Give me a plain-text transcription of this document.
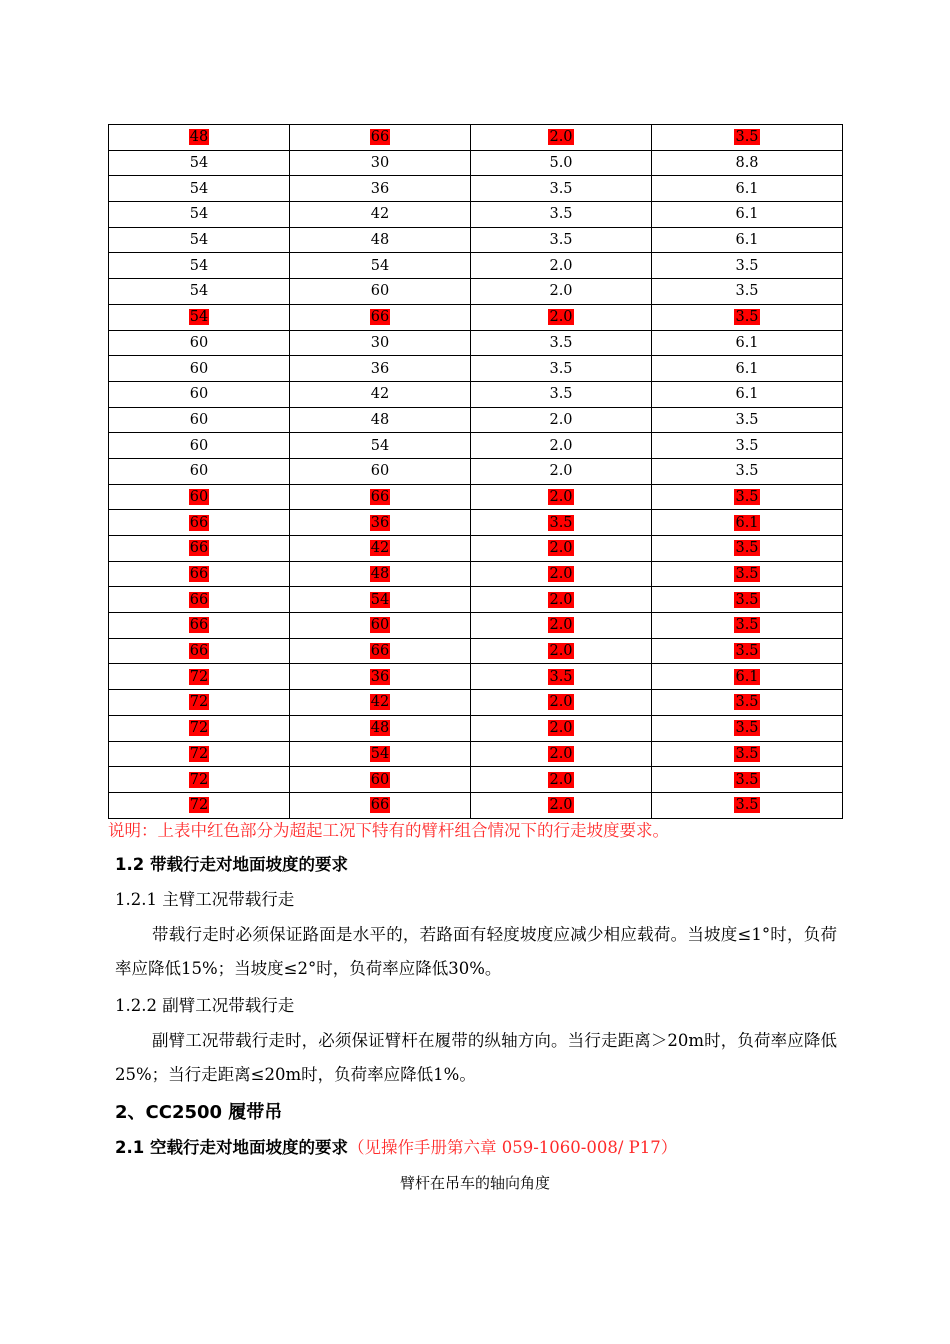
48	66	2.0	3.5
54	30	5.0	8.8
54	36	3.5	6.1
54	42	3.5	6.1
54	48	3.5	6.1
54	54	2.0	3.5
54	60	2.0	3.5
54	66	2.0	3.5
60	30	3.5	6.1
60	36	3.5	6.1
60	42	3.5	6.1
60	48	2.0	3.5
60	54	2.0	3.5
60	60	2.0	3.5
60	66	2.0	3.5
66	36	3.5	6.1
66	42	2.0	3.5
66	48	2.0	3.5
66	54	2.0	3.5
66	60	2.0	3.5
66	66	2.0	3.5
72	36	3.5	6.1
72	42	2.0	3.5
72	48	2.0	3.5
72	54	2.0	3.5
72	60	2.0	3.5
72	66	2.0	3.5
说明：上表中红色部分为超起工况下特有的臂杆组合情况下的行走坡度要求。
1.2 带载行走对地面坡度的要求
1.2.1 主臂工况带载行走
带载行走时必须保证路面是水平的，若路面有轻度坡度应减少相应载荷。当坡度≤1°时，负荷率应降低15%；当坡度≤2°时，负荷率应降低30%。
1.2.2 副臂工况带载行走
副臂工况带载行走时，必须保证臂杆在履带的纵轴方向。当行走距离＞20m时，负荷率应降低25%；当行走距离≤20m时，负荷率应降低1%。
2、CC2500 履带吊
2.1 空载行走对地面坡度的要求（见操作手册第六章 059-1060-008/ P17）
臂杆在吊车的轴向角度
